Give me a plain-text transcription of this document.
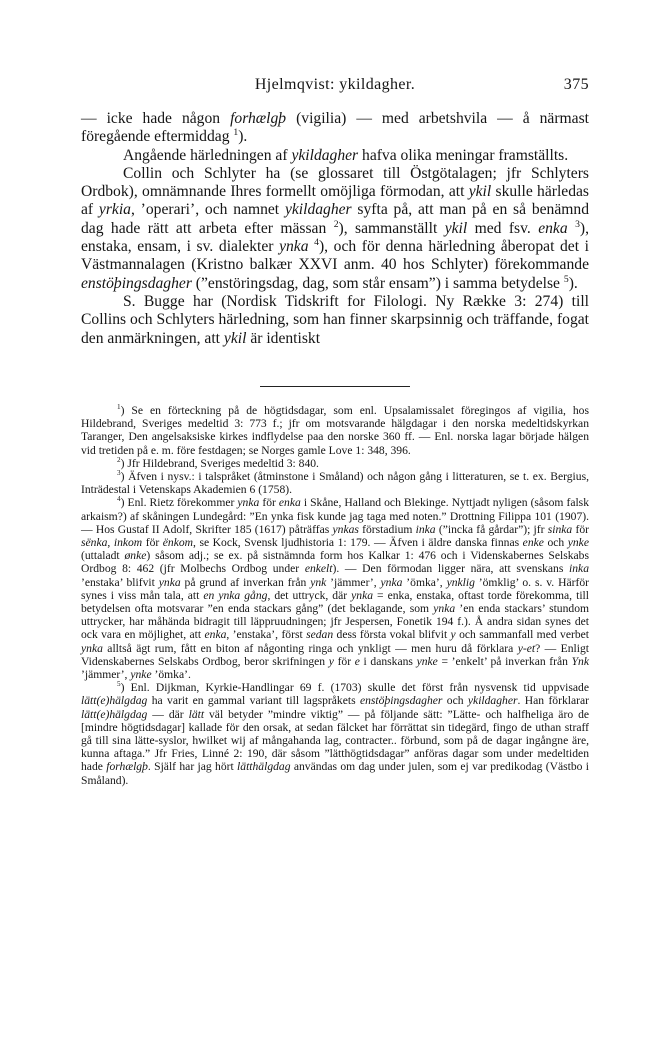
Hjelmqvist: ykildagher.	375

— icke hade någon forhælgþ (vigilia) — med arbetshvila — å närmast föregående eftermiddag $^1$).

Angående härledningen af ykildagher hafva olika meningar framställts.

Collin och Schlyter ha (se glossaret till Östgötalagen; jfr Schlyters Ordbok), omnämnande Ihres formellt omöjliga förmodan, att ykil skulle härledas af yrkia, ’operari’, och namnet ykildagher syfta på, att man på en så benämnd dag hade rätt att arbeta efter mässan $^2$), sammanställt ykil med fsv. enka $^3$), enstaka, ensam, i sv. dialekter ynka $^4$), och för denna härledning åberopat det i Västmannalagen (Kristno balkær XXVI anm. 40 hos Schlyter) förekommande enstöþingsdagher (”enstöringsdag, dag, som står ensam”) i samma betydelse $^5$).

S. Bugge har (Nordisk Tidskrift for Filologi. Ny Række 3: 274) till Collins och Schlyters härledning, som han finner skarpsinnig och träffande, fogat den anmärkningen, att ykil är identiskt

$^1$) Se en förteckning på de högtidsdagar, som enl. Upsalamissalet föregingos af vigilia, hos Hildebrand, Sveriges medeltid 3: 773 f.; jfr om motsvarande hälgdagar i den norska medeltidskyrkan Taranger, Den angelsaksiske kirkes indflydelse paa den norske 360 ff. — Enl. norska lagar började hälgen vid tretiden på e. m. före festdagen; se Norges gamle Love 1: 348, 396.

$^2$) Jfr Hildebrand, Sveriges medeltid 3: 840.

$^3$) Äfven i nysv.: i talspråket (åtminstone i Småland) och någon gång i litteraturen, se t. ex. Bergius, Inträdestal i Vetenskaps Akademien 6 (1758).

$^4$) Enl. Rietz förekommer ynka för enka i Skåne, Halland och Blekinge. Nyttjadt nyligen (såsom falsk arkaism?) af skåningen Lundegård: ”En ynka fisk kunde jag taga med noten.” Drottning Filippa 101 (1907). — Hos Gustaf II Adolf, Skrifter 185 (1617) påträffas ynkas förstadium inka (”incka få gårdar”); jfr sinka för sënka, inkom för ënkom, se Kock, Svensk ljudhistoria 1: 179. — Äfven i äldre danska finnas enke och ynke (uttaladt ønke) såsom adj.; se ex. på sistnämnda form hos Kalkar 1: 476 och i Videnskabernes Selskabs Ordbog 8: 462 (jfr Molbechs Ordbog under enkelt). — Den förmodan ligger nära, att svenskans inka ’enstaka’ blifvit ynka på grund af inverkan från ynk ’jämmer’, ynka ’ömka’, ynklig ’ömklig’ o. s. v. Härför synes i viss mån tala, att en ynka gång, det uttryck, där ynka = enka, enstaka, oftast torde förekomma, till betydelsen ofta motsvarar ”en enda stackars gång” (det beklagande, som ynka ’en enda stackars’ stundom uttrycker, har måhända bidragit till läppruudningen; jfr Jespersen, Fonetik 194 f.). Å andra sidan synes det ock vara en möjlighet, att enka, ’enstaka’, först sedan dess första vokal blifvit y och sammanfall med verbet ynka alltså ägt rum, fått en biton af någonting ringa och ynkligt — men huru då förklara y-et? — Enligt Videnskabernes Selskabs Ordbog, beror skrifningen y för e i danskans ynke = ’enkelt’ på inverkan från Ynk ’jämmer’, ynke ’ömka’.

$^5$) Enl. Dijkman, Kyrkie-Handlingar 69 f. (1703) skulle det först från nysvensk tid uppvisade lätt(e)hälgdag ha varit en gammal variant till lagspråkets enstöþingsdagher och ykildagher. Han förklarar lätt(e)hälgdag — där lätt väl betyder ”mindre viktig” — på följande sätt: ”Lätte- och halfheliga äro de [mindre högtidsdagar] kallade för den orsak, at sedan fälcket har förrättat sin tidegärd, fingo de uthan straff gå till sina lätte-syslor, hwilket wij af mångahanda lag, contracter.. förbund, som på de dagar ingångne äre, kunna aftaga.” Jfr Fries, Linné 2: 190, där såsom ”lätthögtidsdagar” anföras dagar som under medeltiden hade forhælgþ. Själf har jag hört lätthälgdag användas om dag under julen, som ej var predikodag (Västbo i Småland).
